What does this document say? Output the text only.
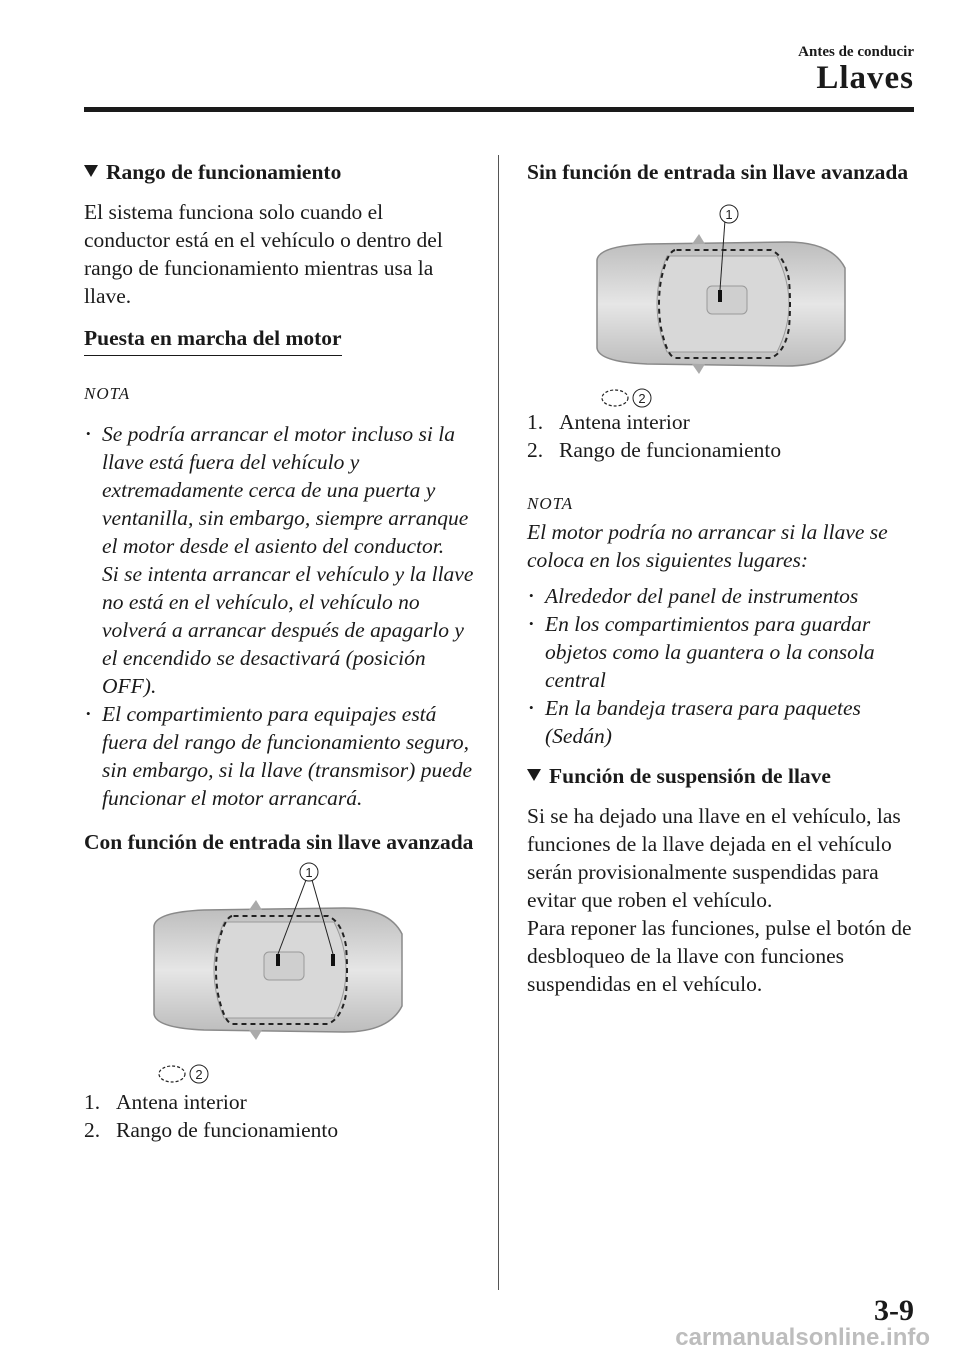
Antes de conducir
Llaves
Rango de funcionamiento

El sistema funciona solo cuando el conductor está en el vehículo o dentro del rango de funcionamiento mientras usa la llave.

Puesta en marcha del motor
NOTA
• Se podría arrancar el motor incluso si la llave está fuera del vehículo y extremadamente cerca de una puerta y ventanilla, sin embargo, siempre arranque el motor desde el asiento del conductor.
Si se intenta arrancar el vehículo y la llave no está en el vehículo, el vehículo no volverá a arrancar después de apagarlo y el encendido se desactivará (posición OFF).
• El compartimiento para equipajes está fuera del rango de funcionamiento seguro, sin embargo, si la llave (transmisor) puede funcionar el motor arrancará.
Con función de entrada sin llave avanzada
1
2
1. Antena interior
2. Rango de funcionamiento
Sin función de entrada sin llave avanzada
1
2
1. Antena interior
2. Rango de funcionamiento
NOTA

El motor podría no arrancar si la llave se coloca en los siguientes lugares:

• Alrededor del panel de instrumentos
• En los compartimientos para guardar objetos como la guantera o la consola central
• En la bandeja trasera para paquetes (Sedán)
Función de suspensión de llave

Si se ha dejado una llave en el vehículo, las funciones de la llave dejada en el vehículo serán provisionalmente suspendidas para evitar que roben el vehículo.

Para reponer las funciones, pulse el botón de desbloqueo de la llave con funciones suspendidas en el vehículo.

3-9
carmanualsonline.info
